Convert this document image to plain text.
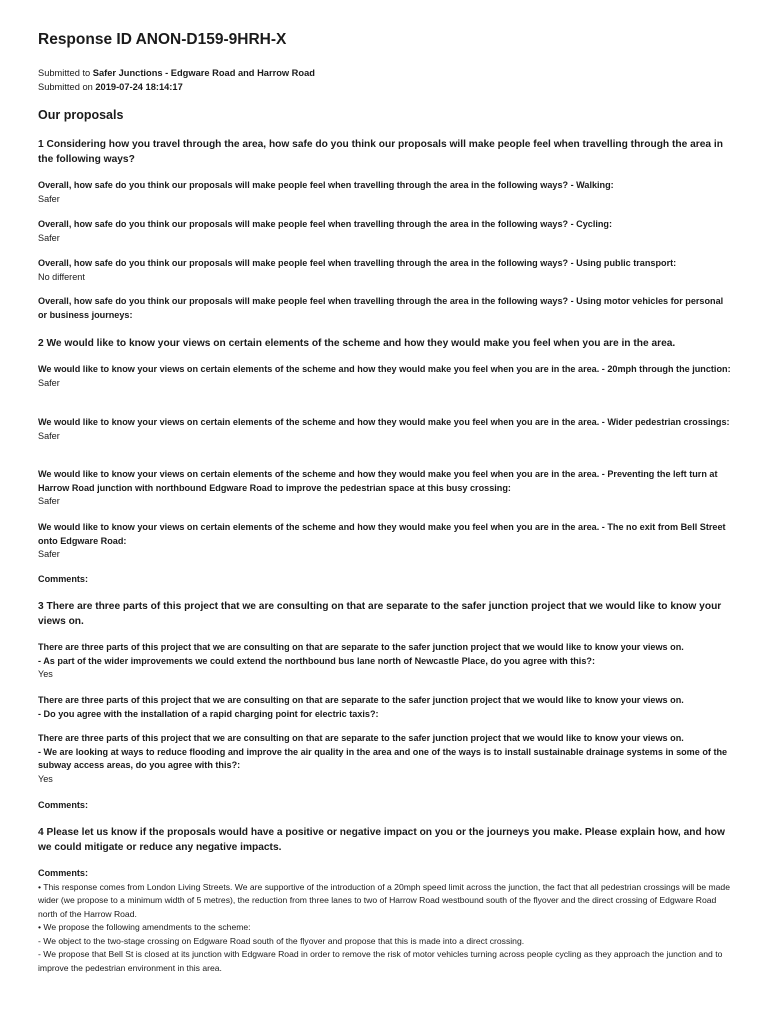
Response ID ANON-D159-9HRH-X
Submitted to Safer Junctions - Edgware Road and Harrow Road
Submitted on 2019-07-24 18:14:17
Our proposals

1 Considering how you travel through the area, how safe do you think our proposals will make people feel when travelling through the area in the following ways?

Overall, how safe do you think our proposals will make people feel when travelling through the area in the following ways? - Walking:

Safer

Overall, how safe do you think our proposals will make people feel when travelling through the area in the following ways? - Cycling:

Safer

Overall, how safe do you think our proposals will make people feel when travelling through the area in the following ways? - Using public transport:

No different

Overall, how safe do you think our proposals will make people feel when travelling through the area in the following ways? - Using motor vehicles for personal or business journeys:

2 We would like to know your views on certain elements of the scheme and how they would make you feel when you are in the area.

We would like to know your views on certain elements of the scheme and how they would make you feel when you are in the area. - 20mph through the junction:

Safer

We would like to know your views on certain elements of the scheme and how they would make you feel when you are in the area. - Wider pedestrian crossings:

Safer

We would like to know your views on certain elements of the scheme and how they would make you feel when you are in the area. - Preventing the left turn at Harrow Road junction with northbound Edgware Road to improve the pedestrian space at this busy crossing:

Safer

We would like to know your views on certain elements of the scheme and how they would make you feel when you are in the area. - The no exit from Bell Street onto Edgware Road:

Safer

Comments:

3 There are three parts of this project that we are consulting on that are separate to the safer junction project that we would like to know your views on.

There are three parts of this project that we are consulting on that are separate to the safer junction project that we would like to know your views on.

- As part of the wider improvements we could extend the northbound bus lane north of Newcastle Place, do you agree with this?:

Yes

There are three parts of this project that we are consulting on that are separate to the safer junction project that we would like to know your views on.

- Do you agree with the installation of a rapid charging point for electric taxis?:

There are three parts of this project that we are consulting on that are separate to the safer junction project that we would like to know your views on.

- We are looking at ways to reduce flooding and improve the air quality in the area and one of the ways is to install sustainable drainage systems in some of the subway access areas, do you agree with this?:

Yes

Comments:

4 Please let us know if the proposals would have a positive or negative impact on you or the journeys you make. Please explain how, and how we could mitigate or reduce any negative impacts.

Comments:

• This response comes from London Living Streets. We are supportive of the introduction of a 20mph speed limit across the junction, the fact that all pedestrian crossings will be made wider (we propose to a minimum width of 5 metres), the reduction from three lanes to two of Harrow Road westbound south of the flyover and the direct crossing of Edgware Road north of the Harrow Road.

• We propose the following amendments to the scheme:

- We object to the two-stage crossing on Edgware Road south of the flyover and propose that this is made into a direct crossing.

- We propose that Bell St is closed at its junction with Edgware Road in order to remove the risk of motor vehicles turning across people cycling as they approach the junction and to improve the pedestrian environment in this area.
